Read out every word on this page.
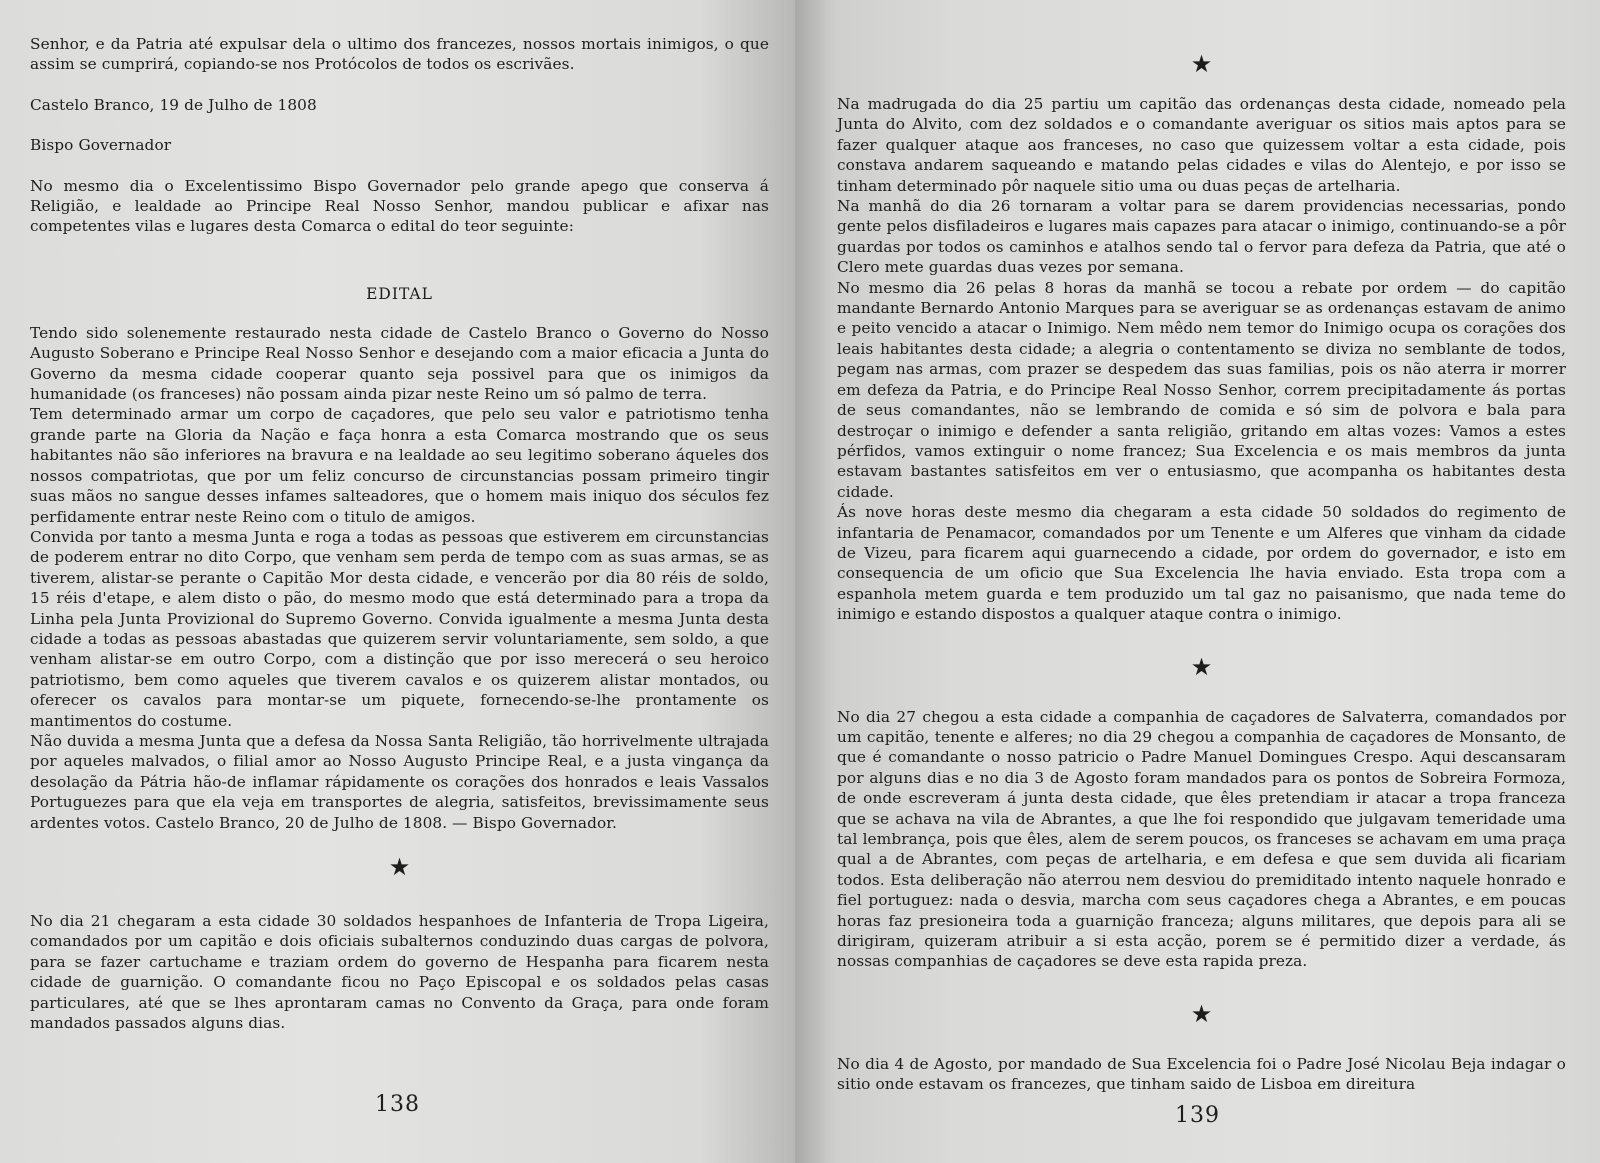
Senhor, e da Patria até expulsar dela o ultimo dos francezes, nossos mortais inimigos, o que assim se cumprirá, copiando-se nos Protócolos de todos os escrivães.

Castelo Branco, 19 de Julho de 1808

Bispo Governador

No mesmo dia o Excelentissimo Bispo Governador pelo grande apego que conserva á Religião, e lealdade ao Principe Real Nosso Senhor, mandou publicar e afixar nas competentes vilas e lugares desta Comarca o edital do teor seguinte:

EDITAL

Tendo sido solenemente restaurado nesta cidade de Castelo Branco o Governo do Nosso Augusto Soberano e Principe Real Nosso Senhor e desejando com a maior eficacia a Junta do Governo da mesma cidade cooperar quanto seja possivel para que os inimigos da humanidade (os franceses) não possam ainda pizar neste Reino um só palmo de terra.

Tem determinado armar um corpo de caçadores, que pelo seu valor e patriotismo tenha grande parte na Gloria da Nação e faça honra a esta Comarca mostrando que os seus habitantes não são inferiores na bravura e na lealdade ao seu legitimo soberano áqueles dos nossos compatriotas, que por um feliz concurso de circunstancias possam primeiro tingir suas mãos no sangue desses infames salteadores, que o homem mais iniquo dos séculos fez perfidamente entrar neste Reino com o titulo de amigos.

Convida por tanto a mesma Junta e roga a todas as pessoas que estiverem em circunstancias de poderem entrar no dito Corpo, que venham sem perda de tempo com as suas armas, se as tiverem, alistar-se perante o Capitão Mor desta cidade, e vencerão por dia 80 réis de soldo, 15 réis d'etape, e alem disto o pão, do mesmo modo que está determinado para a tropa da Linha pela Junta Provizional do Supremo Governo. Convida igualmente a mesma Junta desta cidade a todas as pessoas abastadas que quizerem servir voluntariamente, sem soldo, a que venham alistar-se em outro Corpo, com a distinção que por isso merecerá o seu heroico patriotismo, bem como aqueles que tiverem cavalos e os quizerem alistar montados, ou oferecer os cavalos para montar-se um piquete, fornecendo-se-lhe prontamente os mantimentos do costume.

Não duvida a mesma Junta que a defesa da Nossa Santa Religião, tão horrivelmente ultrajada por aqueles malvados, o filial amor ao Nosso Augusto Principe Real, e a justa vingança da desolação da Pátria hão-de inflamar rápidamente os corações dos honrados e leais Vassalos Portuguezes para que ela veja em transportes de alegria, satisfeitos, brevissimamente seus ardentes votos. Castelo Branco, 20 de Julho de 1808. — Bispo Governador.

★

No dia 21 chegaram a esta cidade 30 soldados hespanhoes de Infanteria de Tropa Ligeira, comandados por um capitão e dois oficiais subalternos conduzindo duas cargas de polvora, para se fazer cartuchame e traziam ordem do governo de Hespanha para ficarem nesta cidade de guarnição. O comandante ficou no Paço Episcopal e os soldados pelas casas particulares, até que se lhes aprontaram camas no Convento da Graça, para onde foram mandados passados alguns dias.

138
★

Na madrugada do dia 25 partiu um capitão das ordenanças desta cidade, nomeado pela Junta do Alvito, com dez soldados e o comandante averiguar os sitios mais aptos para se fazer qualquer ataque aos franceses, no caso que quizessem voltar a esta cidade, pois constava andarem saqueando e matando pelas cidades e vilas do Alentejo, e por isso se tinham determinado pôr naquele sitio uma ou duas peças de artelharia.

Na manhã do dia 26 tornaram a voltar para se darem providencias necessarias, pondo gente pelos disfiladeiros e lugares mais capazes para atacar o inimigo, continuando-se a pôr guardas por todos os caminhos e atalhos sendo tal o fervor para defeza da Patria, que até o Clero mete guardas duas vezes por semana.

No mesmo dia 26 pelas 8 horas da manhã se tocou a rebate por ordem — do capitão mandante Bernardo Antonio Marques para se averiguar se as ordenanças estavam de animo e peito vencido a atacar o Inimigo. Nem mêdo nem temor do Inimigo ocupa os corações dos leais habitantes desta cidade; a alegria o contentamento se diviza no semblante de todos, pegam nas armas, com prazer se despedem das suas familias, pois os não aterra ir morrer em defeza da Patria, e do Principe Real Nosso Senhor, correm precipitadamente ás portas de seus comandantes, não se lembrando de comida e só sim de polvora e bala para destroçar o inimigo e defender a santa religião, gritando em altas vozes: Vamos a estes pérfidos, vamos extinguir o nome francez; Sua Excelencia e os mais membros da junta estavam bastantes satisfeitos em ver o entusiasmo, que acompanha os habitantes desta cidade.

Ás nove horas deste mesmo dia chegaram a esta cidade 50 soldados do regimento de infantaria de Penamacor, comandados por um Tenente e um Alferes que vinham da cidade de Vizeu, para ficarem aqui guarnecendo a cidade, por ordem do governador, e isto em consequencia de um oficio que Sua Excelencia lhe havia enviado. Esta tropa com a espanhola metem guarda e tem produzido um tal gaz no paisanismo, que nada teme do inimigo e estando dispostos a qualquer ataque contra o inimigo.

★

No dia 27 chegou a esta cidade a companhia de caçadores de Salvaterra, comandados por um capitão, tenente e alferes; no dia 29 chegou a companhia de caçadores de Monsanto, de que é comandante o nosso patricio o Padre Manuel Domingues Crespo. Aqui descansaram por alguns dias e no dia 3 de Agosto foram mandados para os pontos de Sobreira Formoza, de onde escreveram á junta desta cidade, que êles pretendiam ir atacar a tropa franceza que se achava na vila de Abrantes, a que lhe foi respondido que julgavam temeridade uma tal lembrança, pois que êles, alem de serem poucos, os franceses se achavam em uma praça qual a de Abrantes, com peças de artelharia, e em defesa e que sem duvida ali ficariam todos. Esta deliberação não aterrou nem desviou do premiditado intento naquele honrado e fiel portuguez: nada o desvia, marcha com seus caçadores chega a Abrantes, e em poucas horas faz presioneira toda a guarnição franceza; alguns militares, que depois para ali se dirigiram, quizeram atribuir a si esta acção, porem se é permitido dizer a verdade, ás nossas companhias de caçadores se deve esta rapida preza.

★

No dia 4 de Agosto, por mandado de Sua Excelencia foi o Padre José Nicolau Beja indagar o sitio onde estavam os francezes, que tinham saido de Lisboa em direitura

139
